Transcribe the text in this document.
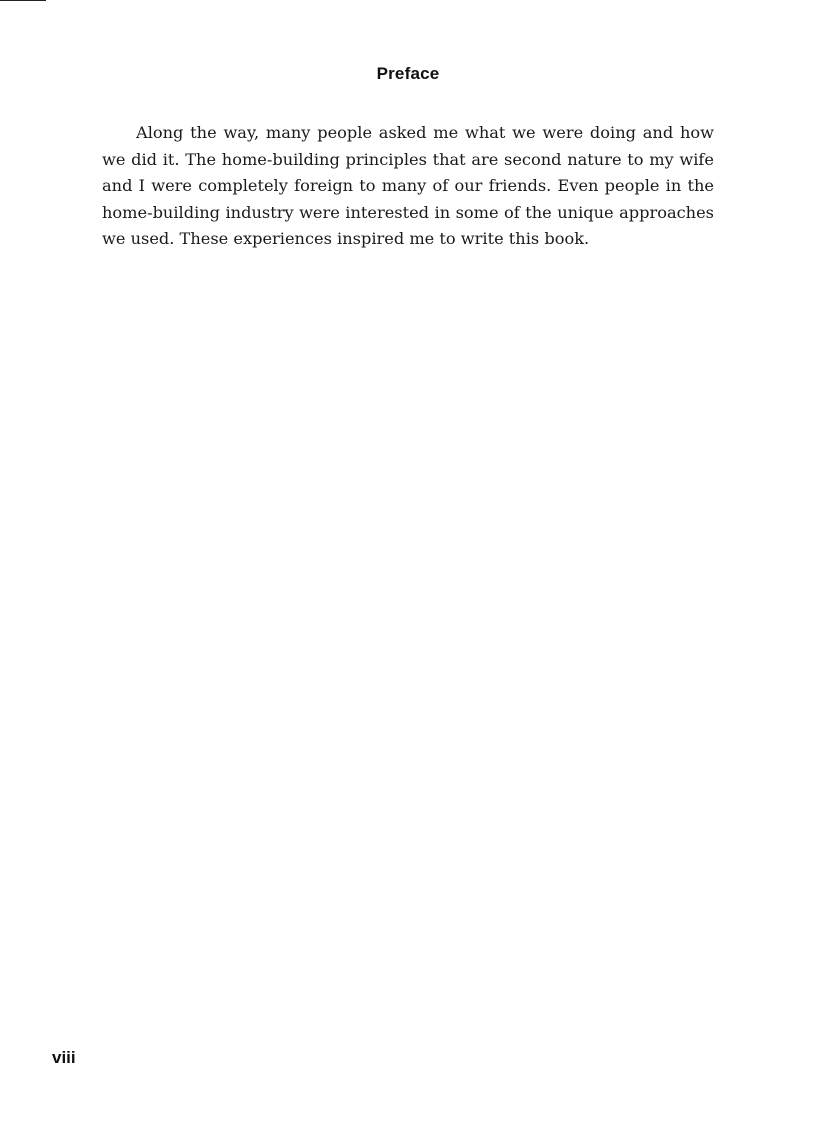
Preface

Along the way, many people asked me what we were doing and how we did it. The home-building principles that are second nature to my wife and I were completely foreign to many of our friends. Even people in the home-building industry were interested in some of the unique approaches we used. These experiences inspired me to write this book.

viii
